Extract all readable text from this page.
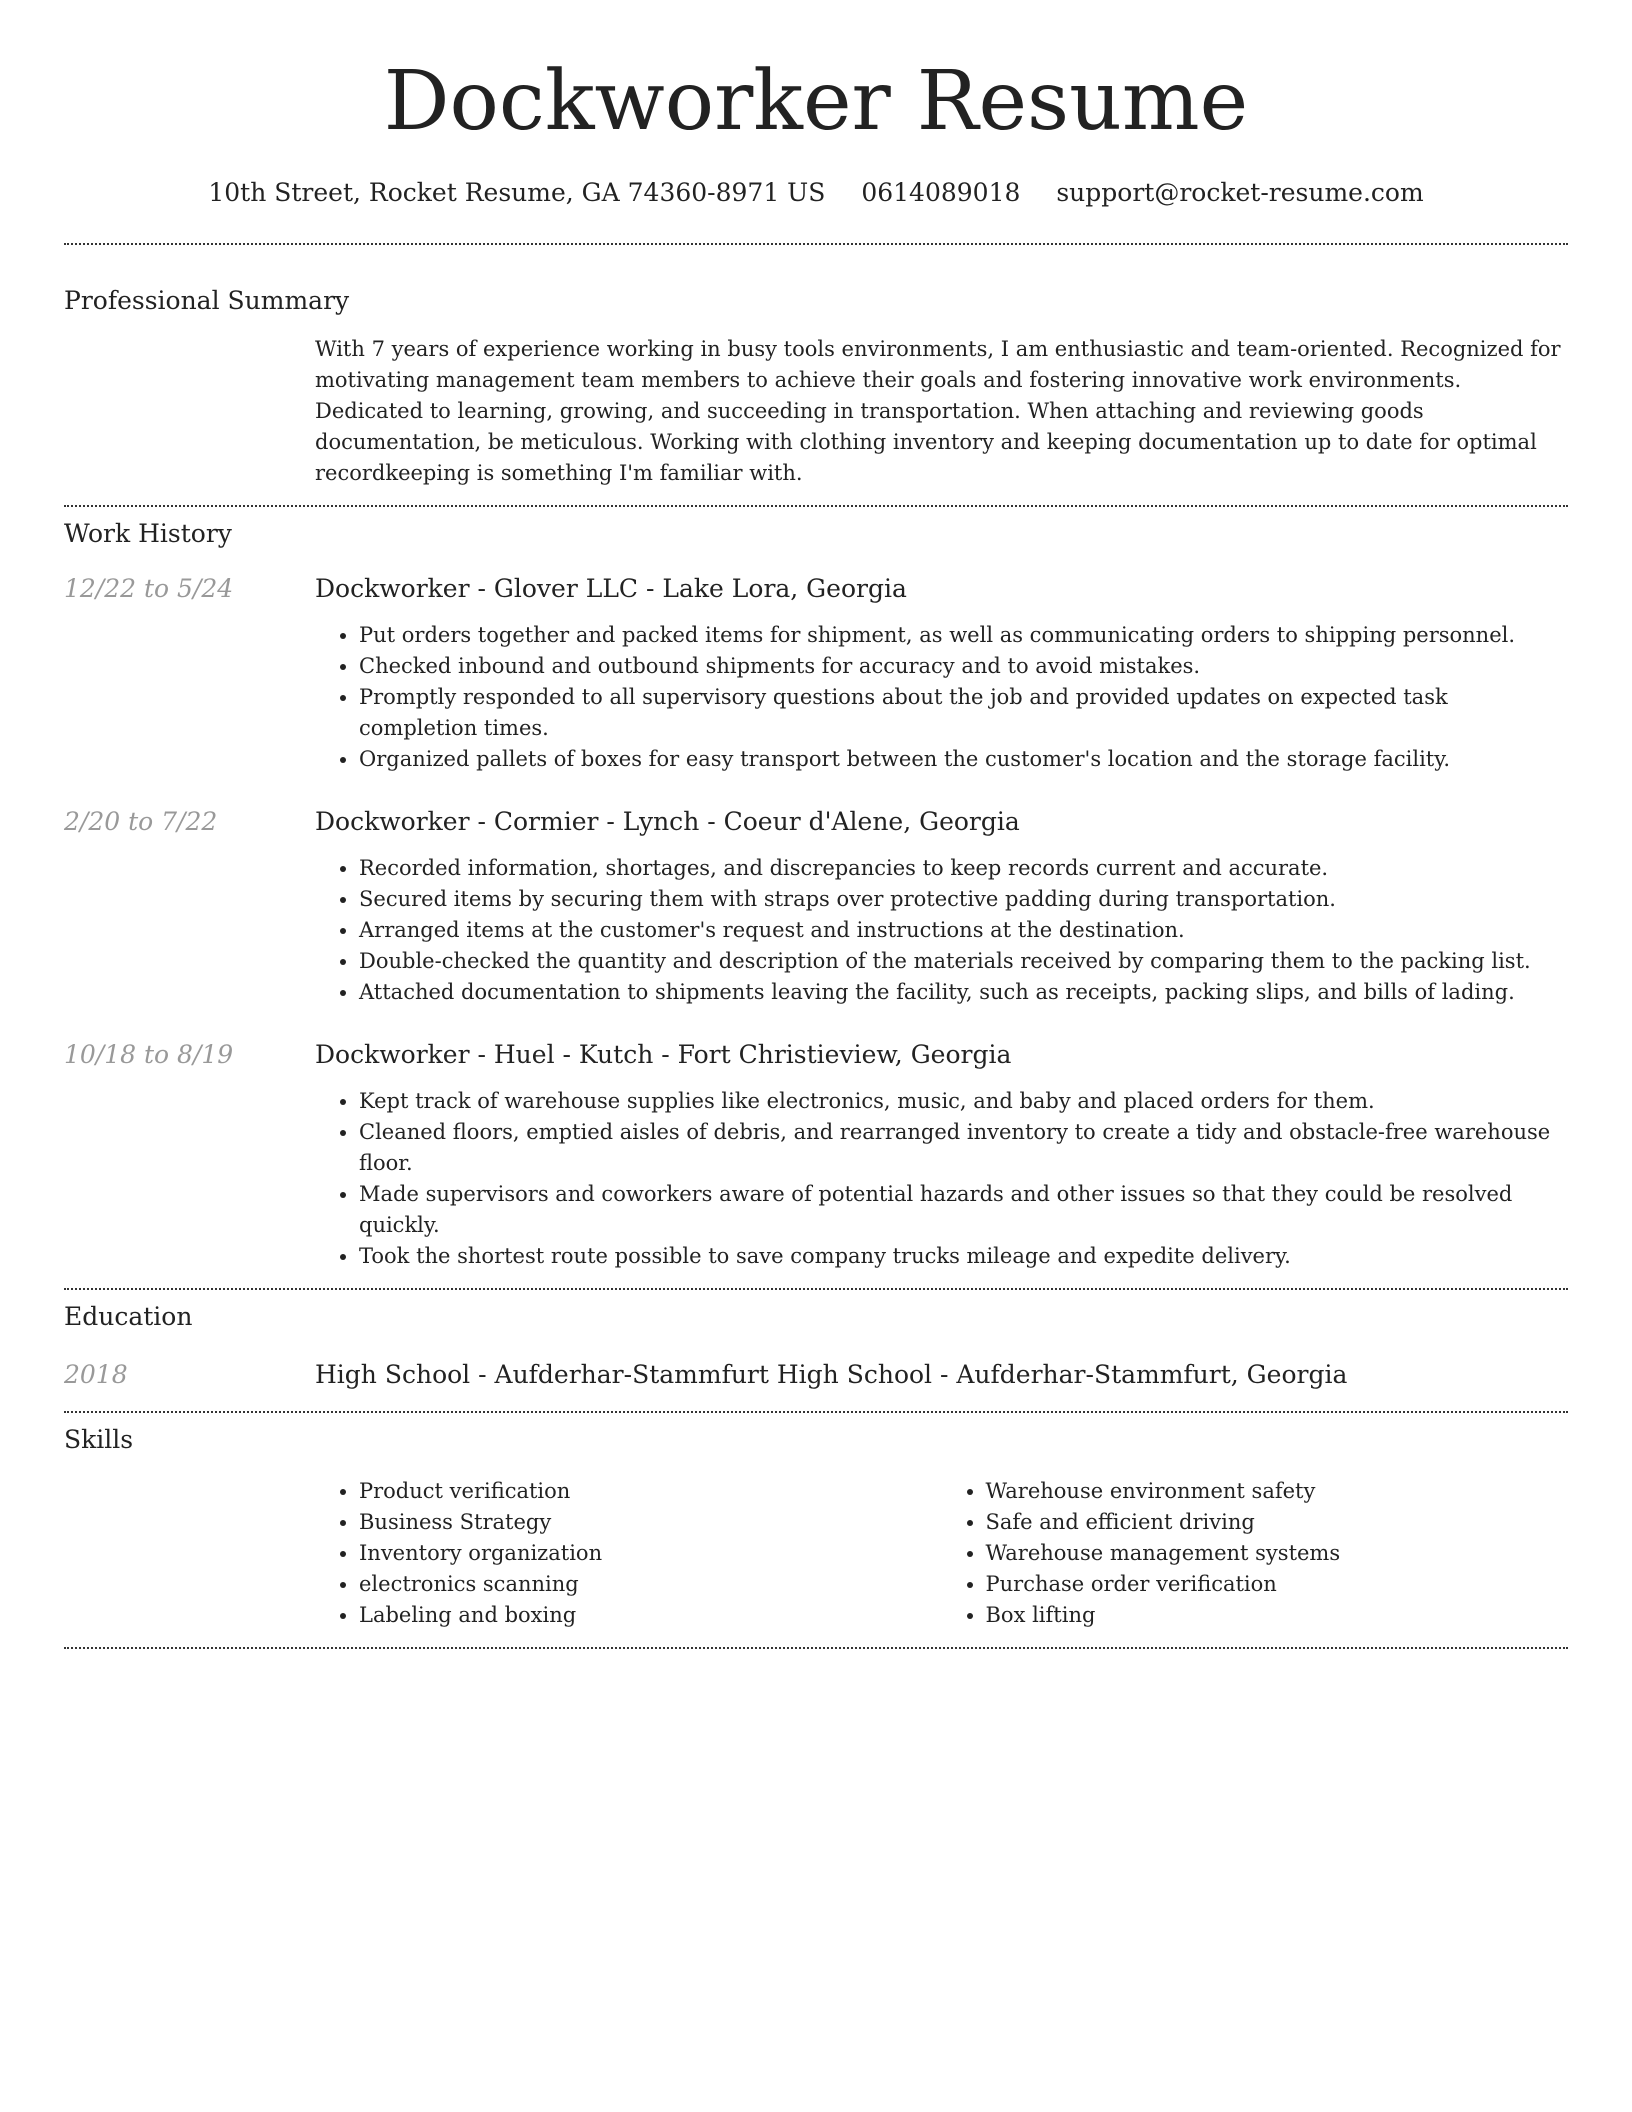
Dockworker Resume
10th Street, Rocket Resume, GA 74360-8971 US 0614089018 support@rocket-resume.com
Professional Summary

With 7 years of experience working in busy tools environments, I am enthusiastic and team-oriented. Recognized for motivating management team members to achieve their goals and fostering innovative work environments. Dedicated to learning, growing, and succeeding in transportation. When attaching and reviewing goods documentation, be meticulous. Working with clothing inventory and keeping documentation up to date for optimal recordkeeping is something I'm familiar with.

Work History
12/22 to 5/24	Dockworker - Glover LLC - Lake Lora, Georgia
• Put orders together and packed items for shipment, as well as communicating orders to shipping personnel.
• Checked inbound and outbound shipments for accuracy and to avoid mistakes.
• Promptly responded to all supervisory questions about the job and provided updates on expected task completion times.
• Organized pallets of boxes for easy transport between the customer's location and the storage facility.
2/20 to 7/22	Dockworker - Cormier - Lynch - Coeur d'Alene, Georgia
• Recorded information, shortages, and discrepancies to keep records current and accurate.
• Secured items by securing them with straps over protective padding during transportation.
• Arranged items at the customer's request and instructions at the destination.
• Double-checked the quantity and description of the materials received by comparing them to the packing list.
• Attached documentation to shipments leaving the facility, such as receipts, packing slips, and bills of lading.
10/18 to 8/19	Dockworker - Huel - Kutch - Fort Christieview, Georgia
• Kept track of warehouse supplies like electronics, music, and baby and placed orders for them.
• Cleaned floors, emptied aisles of debris, and rearranged inventory to create a tidy and obstacle-free warehouse floor.
• Made supervisors and coworkers aware of potential hazards and other issues so that they could be resolved quickly.
• Took the shortest route possible to save company trucks mileage and expedite delivery.
Education
2018	High School - Aufderhar-Stammfurt High School - Aufderhar-Stammfurt, Georgia
Skills
• Product verification
• Business Strategy
• Inventory organization
• electronics scanning
• Labeling and boxing
• Warehouse environment safety
• Safe and efficient driving
• Warehouse management systems
• Purchase order verification
• Box lifting
